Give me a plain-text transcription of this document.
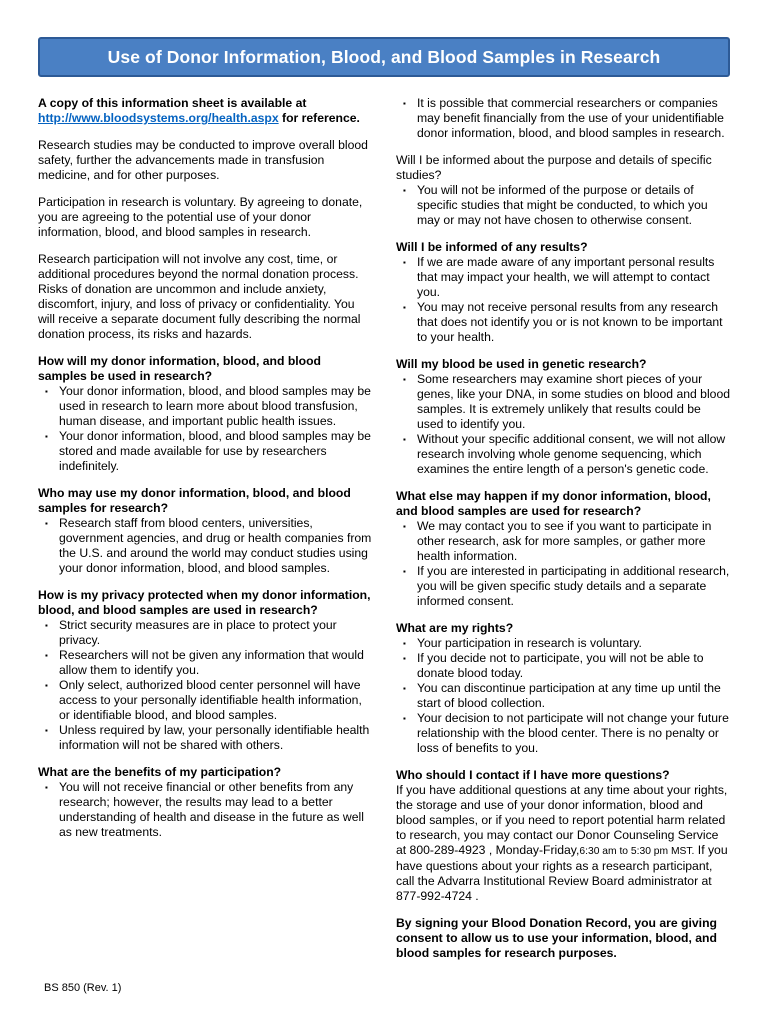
Use of Donor Information, Blood, and Blood Samples in Research

A copy of this information sheet is available at http://www.bloodsystems.org/health.aspx for reference.

Research studies may be conducted to improve overall blood safety, further the advancements made in transfusion medicine, and for other purposes.

Participation in research is voluntary. By agreeing to donate, you are agreeing to the potential use of your donor information, blood, and blood samples in research.

Research participation will not involve any cost, time, or additional procedures beyond the normal donation process. Risks of donation are uncommon and include anxiety, discomfort, injury, and loss of privacy or confidentiality. You will receive a separate document fully describing the normal donation process, its risks and hazards.

How will my donor information, blood, and blood samples be used in research?
▪ Your donor information, blood, and blood samples may be used in research to learn more about blood transfusion, human disease, and important public health issues.
▪ Your donor information, blood, and blood samples may be stored and made available for use by researchers indefinitely.
Who may use my donor information, blood, and blood samples for research?
▪ Research staff from blood centers, universities, government agencies, and drug or health companies from the U.S. and around the world may conduct studies using your donor information, blood, and blood samples.
How is my privacy protected when my donor information, blood, and blood samples are used in research?
▪ Strict security measures are in place to protect your privacy.
▪ Researchers will not be given any information that would allow them to identify you.
▪ Only select, authorized blood center personnel will have access to your personally identifiable health information, or identifiable blood, and blood samples.
▪ Unless required by law, your personally identifiable health information will not be shared with others.
What are the benefits of my participation?
▪ You will not receive financial or other benefits from any research; however, the results may lead to a better understanding of health and disease in the future as well as new treatments.
▪ It is possible that commercial researchers or companies may benefit financially from the use of your unidentifiable donor information, blood, and blood samples in research.
Will I be informed about the purpose and details of specific studies?
▪ You will not be informed of the purpose or details of specific studies that might be conducted, to which you may or may not have chosen to otherwise consent.
Will I be informed of any results?
▪ If we are made aware of any important personal results that may impact your health, we will attempt to contact you.
▪ You may not receive personal results from any research that does not identify you or is not known to be important to your health.
Will my blood be used in genetic research?
▪ Some researchers may examine short pieces of your genes, like your DNA, in some studies on blood and blood samples. It is extremely unlikely that results could be used to identify you.
▪ Without your specific additional consent, we will not allow research involving whole genome sequencing, which examines the entire length of a person's genetic code.
What else may happen if my donor information, blood, and blood samples are used for research?
▪ We may contact you to see if you want to participate in other research, ask for more samples, or gather more health information.
▪ If you are interested in participating in additional research, you will be given specific study details and a separate informed consent.
What are my rights?
▪ Your participation in research is voluntary.
▪ If you decide not to participate, you will not be able to donate blood today.
▪ You can discontinue participation at any time up until the start of blood collection.
▪ Your decision to not participate will not change your future relationship with the blood center. There is no penalty or loss of benefits to you.
Who should I contact if I have more questions?

If you have additional questions at any time about your rights, the storage and use of your donor information, blood and blood samples, or if you need to report potential harm related to research, you may contact our Donor Counseling Service at 800-289-4923 , Monday-Friday,6:30 am to 5:30 pm MST. If you have questions about your rights as a research participant, call the Advarra Institutional Review Board administrator at 877-992-4724 .

By signing your Blood Donation Record, you are giving consent to allow us to use your information, blood, and blood samples for research purposes.

BS 850 (Rev. 1)
